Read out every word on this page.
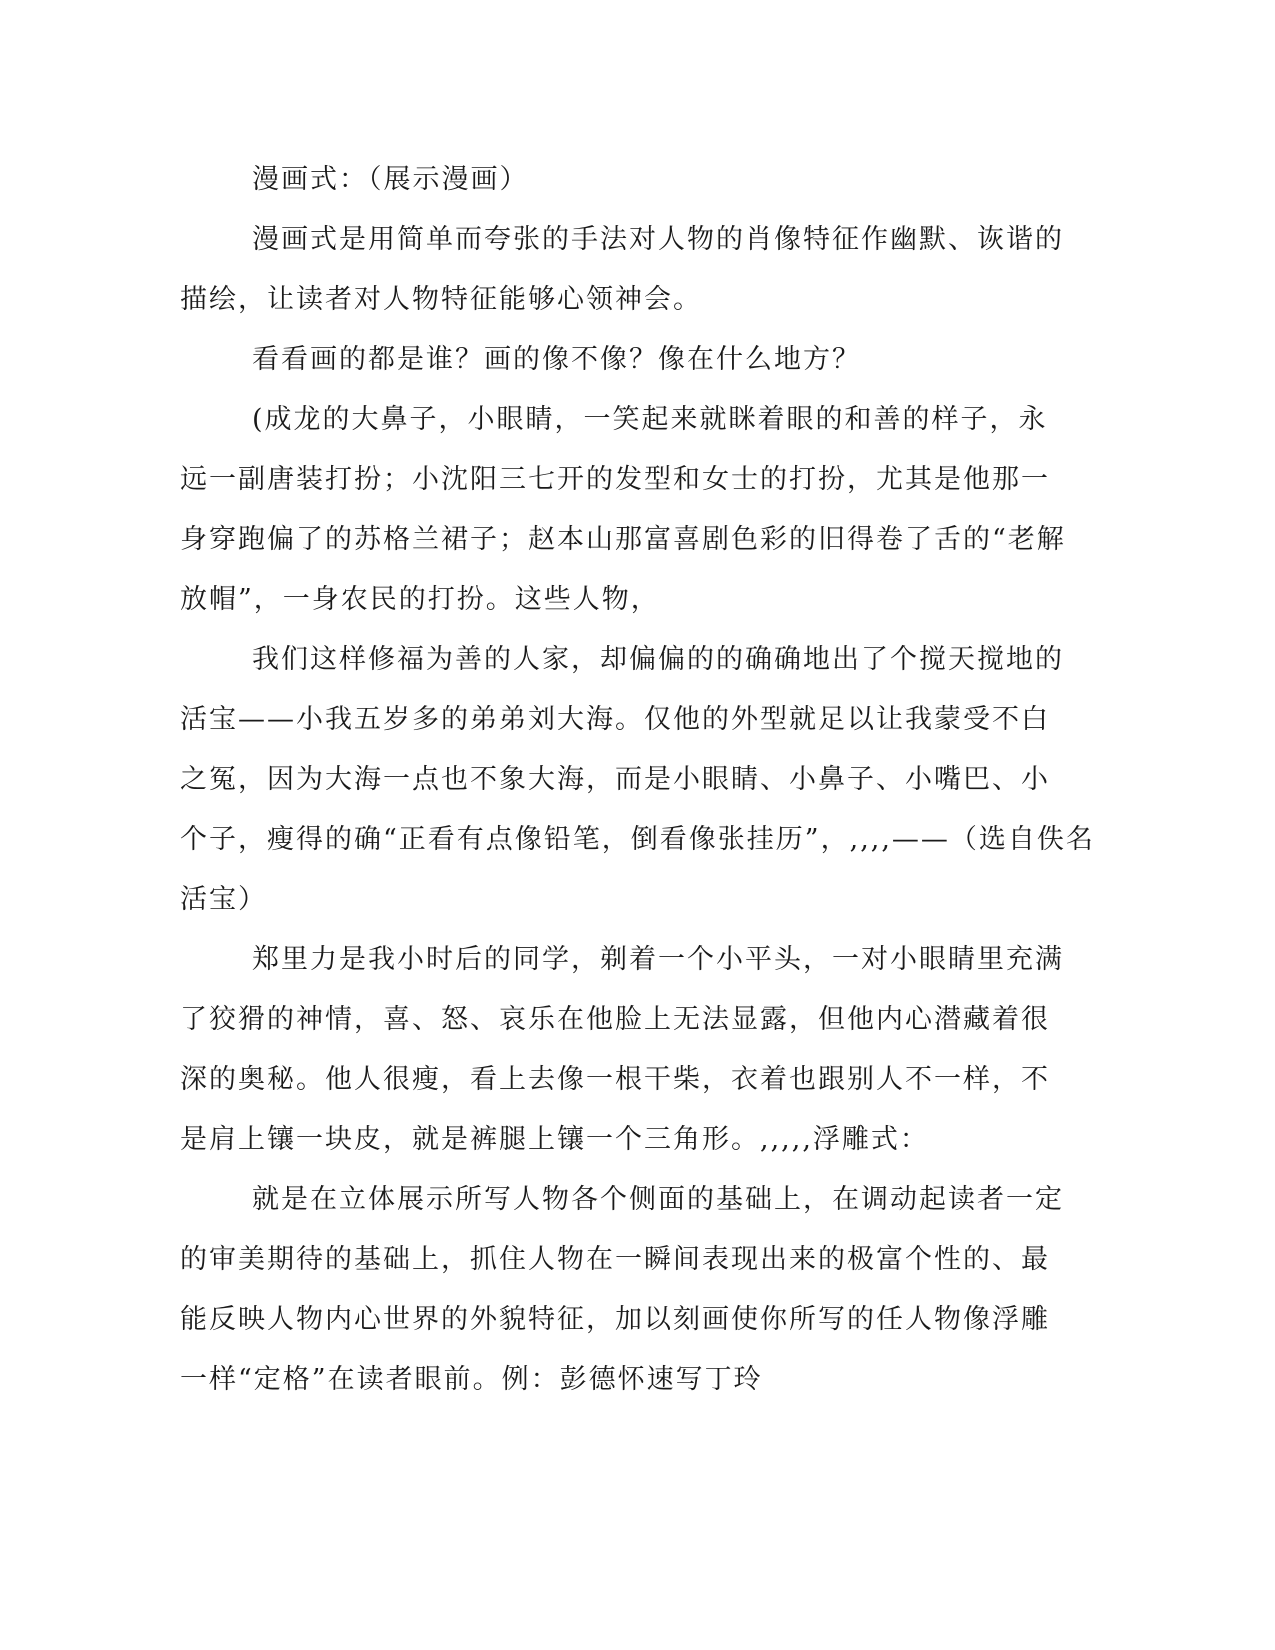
漫画式：（展示漫画）
漫画式是用简单而夸张的手法对人物的肖像特征作幽默、诙谐的
描绘，让读者对人物特征能够心领神会。
看看画的都是谁？画的像不像？像在什么地方？
(成龙的大鼻子，小眼睛，一笑起来就眯着眼的和善的样子，永
远一副唐装打扮；小沈阳三七开的发型和女士的打扮，尤其是他那一
身穿跑偏了的苏格兰裙子；赵本山那富喜剧色彩的旧得卷了舌的“老解
放帽”，一身农民的打扮。这些人物，
我们这样修福为善的人家，却偏偏的的确确地出了个搅天搅地的
活宝——小我五岁多的弟弟刘大海。仅他的外型就足以让我蒙受不白
之冤，因为大海一点也不象大海，而是小眼睛、小鼻子、小嘴巴、小
个子，瘦得的确“正看有点像铅笔，倒看像张挂历”，,,,,——（选自佚名
活宝）
郑里力是我小时后的同学，剃着一个小平头，一对小眼睛里充满
了狡猾的神情，喜、怒、哀乐在他脸上无法显露，但他内心潜藏着很
深的奥秘。他人很瘦，看上去像一根干柴，衣着也跟别人不一样，不
是肩上镶一块皮，就是裤腿上镶一个三角形。,,,,,浮雕式：
就是在立体展示所写人物各个侧面的基础上，在调动起读者一定
的审美期待的基础上，抓住人物在一瞬间表现出来的极富个性的、最
能反映人物内心世界的外貌特征，加以刻画使你所写的任人物像浮雕
一样“定格”在读者眼前。例：彭德怀速写丁玲
